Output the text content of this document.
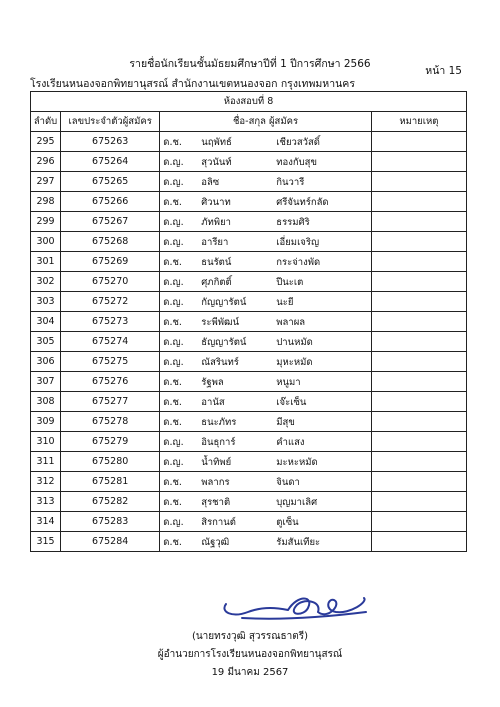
รายชื่อนักเรียนชั้นมัธยมศึกษาปีที่ 1 ปีการศึกษา 2566
หน้า 15
โรงเรียนหนองจอกพิทยานุสรณ์ สำนักงานเขตหนองจอก กรุงเทพมหานคร
ห้องสอบที่ 8			
ลำดับ	เลขประจำตัวผู้สมัคร	ชื่อ-สกุล ผู้สมัคร	หมายเหตุ
295	675263	ด.ช. นฤพัทธ์ เชียวสวัสดิ์	

296	675264	ด.ญ. สุวนันท์ ทองกับสุข	

297	675265	ด.ญ. อลิซ กินวารี	

298	675266	ด.ช. ศิวนาท ศรีจันทร์กลัด	

299	675267	ด.ญ. ภัทพิยา ธรรมศิริ	

300	675268	ด.ญ. อารียา เอี่ยมเจริญ	

301	675269	ด.ช. ธนรัตน์ กระจ่างพัด	

302	675270	ด.ญ. ศุภกิตติ์ ปีนะเต	

303	675272	ด.ญ. กัญญารัตน์ นะยี	

304	675273	ด.ช. ระพีพัฒน์ พลาผล	

305	675274	ด.ญ. ธัญญารัตน์ ปานหมัด	

306	675275	ด.ญ. ณัสรินทร์ มุหะหมัด	

307	675276	ด.ช. รัฐพล หนูมา	

308	675277	ด.ช. อานัส เจ๊ะเซ็น	

309	675278	ด.ช. ธนะภัทร มีสุข	

310	675279	ด.ญ. อินธุการ์ คำแสง	

311	675280	ด.ญ. น้ำทิพย์ มะหะหมัด	

312	675281	ด.ช. พลากร จินดา	

313	675282	ด.ช. สุรชาติ บุญมาเลิศ	

314	675283	ด.ญ. สิรกานต์ ตูเซ็น	

315	675284	ด.ช. ณัฐวุฒิ รัมสันเทียะ	

(นายทรงวุฒิ สุวรรณธาตรี)
ผู้อำนวยการโรงเรียนหนองจอกพิทยานุสรณ์
19 มีนาคม 2567
